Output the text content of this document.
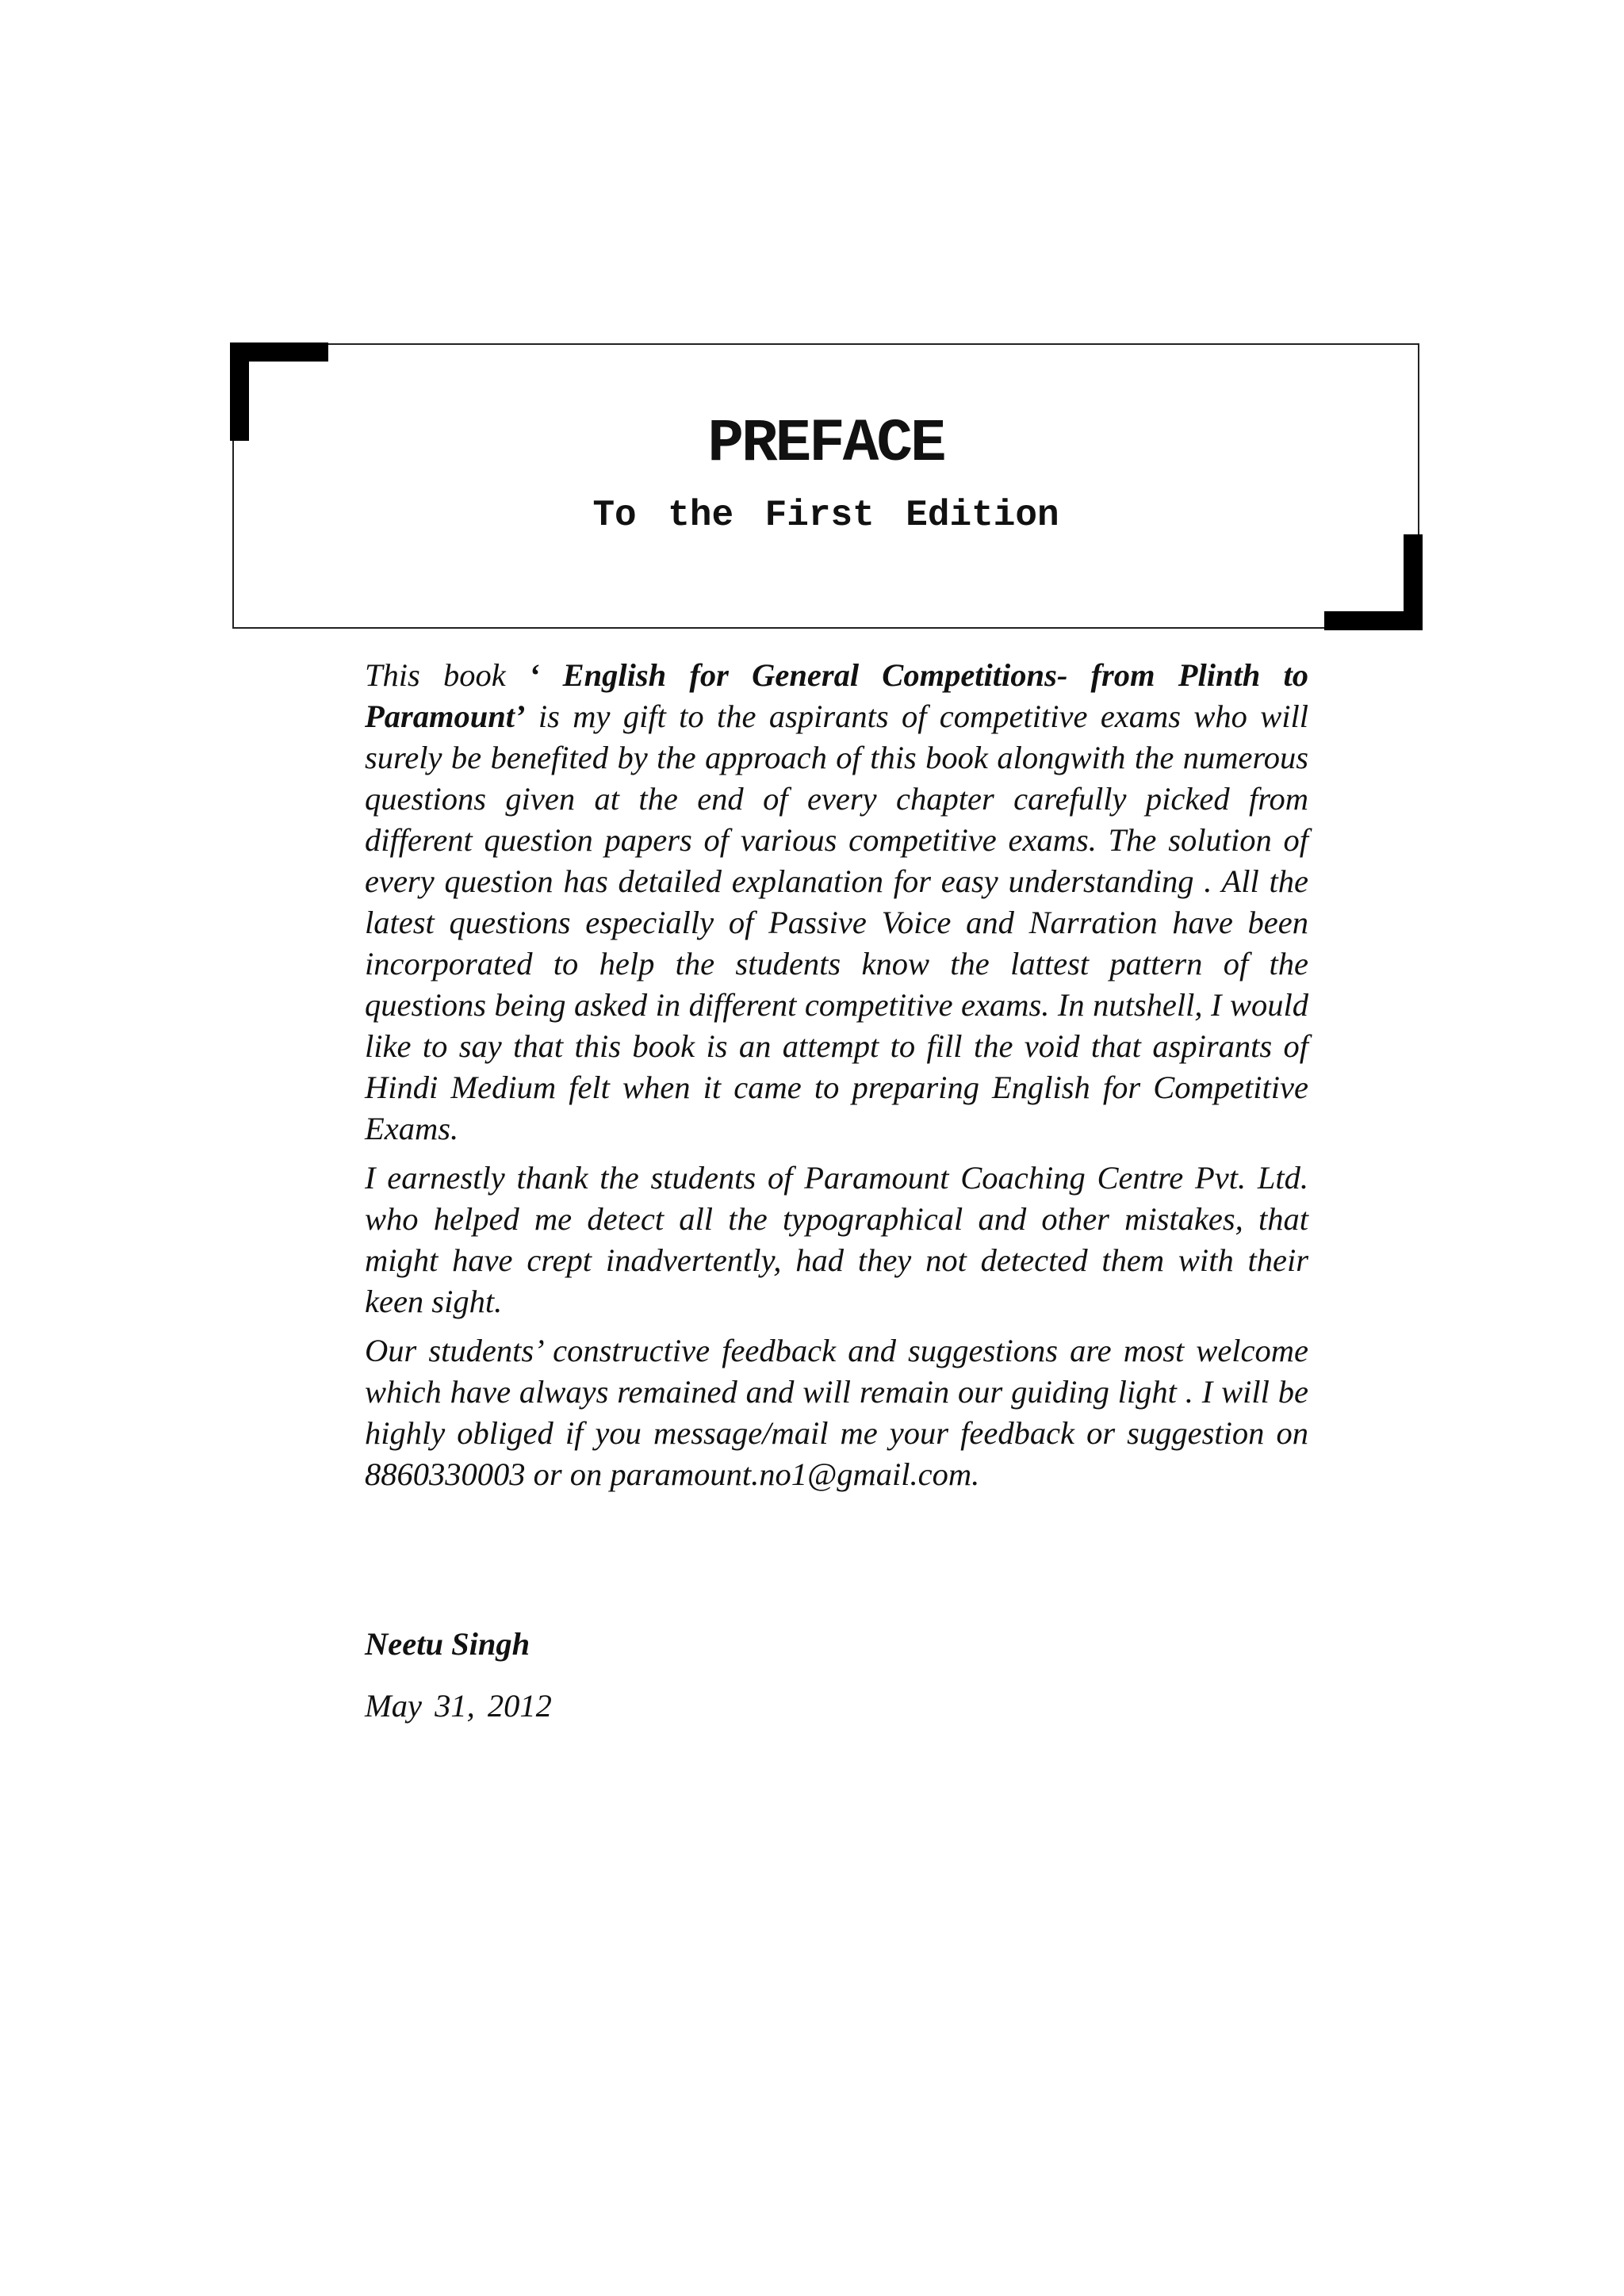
PREFACE
To the First Edition

This book ‘ English for General Competitions- from Plinth to Paramount’ is my gift to the aspirants of competitive exams who will surely be benefited by the approach of this book alongwith the numerous questions given at the end of every chapter carefully picked from different question papers of various competitive exams. The solution of every question has detailed explanation for easy understanding . All the latest questions especially of Passive Voice and Narration have been incorporated to help the students know the lattest pattern of the questions being asked in different competitive exams. In nutshell, I would like to say that this book is an attempt to fill the void that aspirants of Hindi Medium felt when it came to preparing English for Competitive Exams.

I earnestly thank the students of Paramount Coaching Centre Pvt. Ltd. who helped me detect all the typographical and other mistakes, that might have crept inadvertently, had they not detected them with their keen sight.

Our students’ constructive feedback and suggestions are most welcome which have always remained and will remain our guiding light . I will be highly obliged if you message/mail me your feedback or suggestion on 8860330003 or on paramount.no1@gmail.com.

Neetu Singh
May 31, 2012
